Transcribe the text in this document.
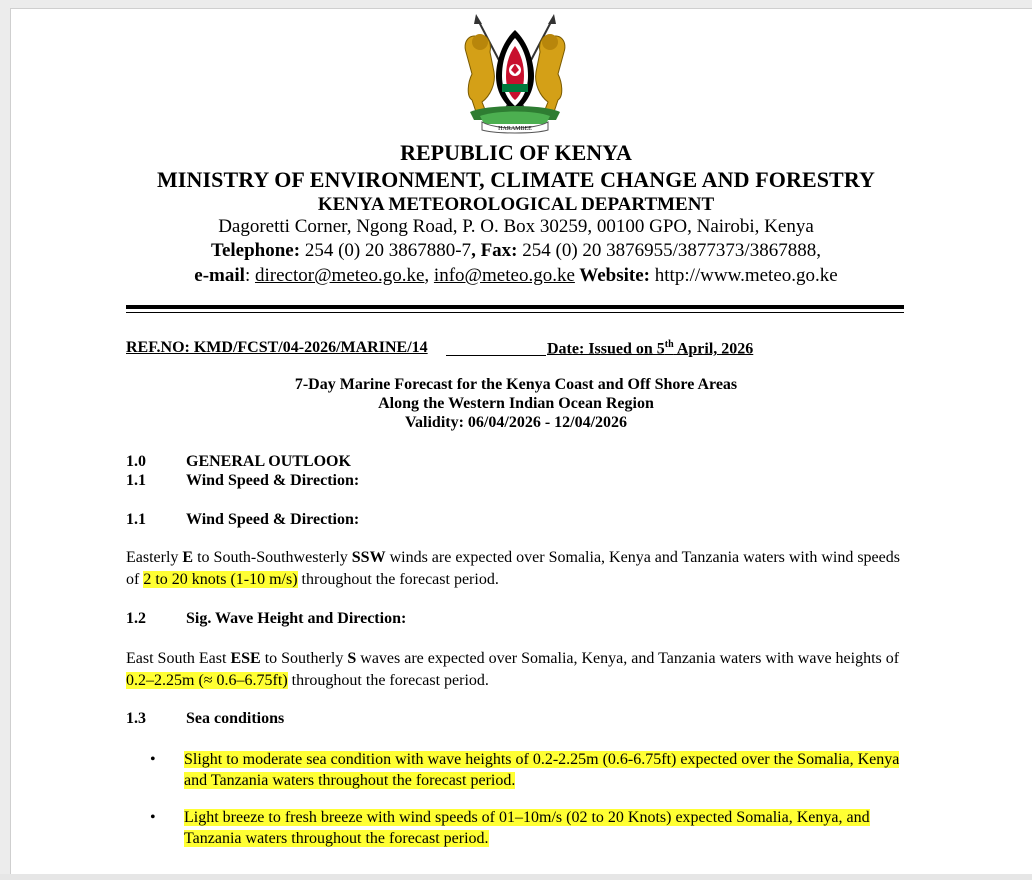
HARAMBEE
REPUBLIC OF KENYA
MINISTRY OF ENVIRONMENT, CLIMATE CHANGE AND FORESTRY
KENYA METEOROLOGICAL DEPARTMENT
Dagoretti Corner, Ngong Road, P. O. Box 30259, 00100 GPO, Nairobi, Kenya
Telephone: 254 (0) 20 3867880-7, Fax: 254 (0) 20 3876955/3877373/3867888,
e-mail: director@meteo.go.ke, info@meteo.go.ke Website: http://www.meteo.go.ke
REF.NO: KMD/FCST/04-2026/MARINE/14	Date: Issued on 5th April, 2026
7-Day Marine Forecast for the Kenya Coast and Off Shore Areas
Along the Western Indian Ocean Region
Validity: 06/04/2026 - 12/04/2026
1.0	GENERAL OUTLOOK
1.1	Wind Speed & Direction:
1.1	Wind Speed & Direction:
Easterly E to South-Southwesterly SSW winds are expected over Somalia, Kenya and Tanzania waters with wind speeds of 2 to 20 knots (1-10 m/s) throughout the forecast period.
1.2	Sig. Wave Height and Direction:
East South East ESE to Southerly S waves are expected over Somalia, Kenya, and Tanzania waters with wave heights of 0.2–2.25m (≈ 0.6–6.75ft) throughout the forecast period.
1.3	Sea conditions
• Slight to moderate sea condition with wave heights of 0.2-2.25m (0.6-6.75ft) expected over the Somalia, Kenya and Tanzania waters throughout the forecast period.
• Light breeze to fresh breeze with wind speeds of 01–10m/s (02 to 20 Knots) expected Somalia, Kenya, and Tanzania waters throughout the forecast period.
